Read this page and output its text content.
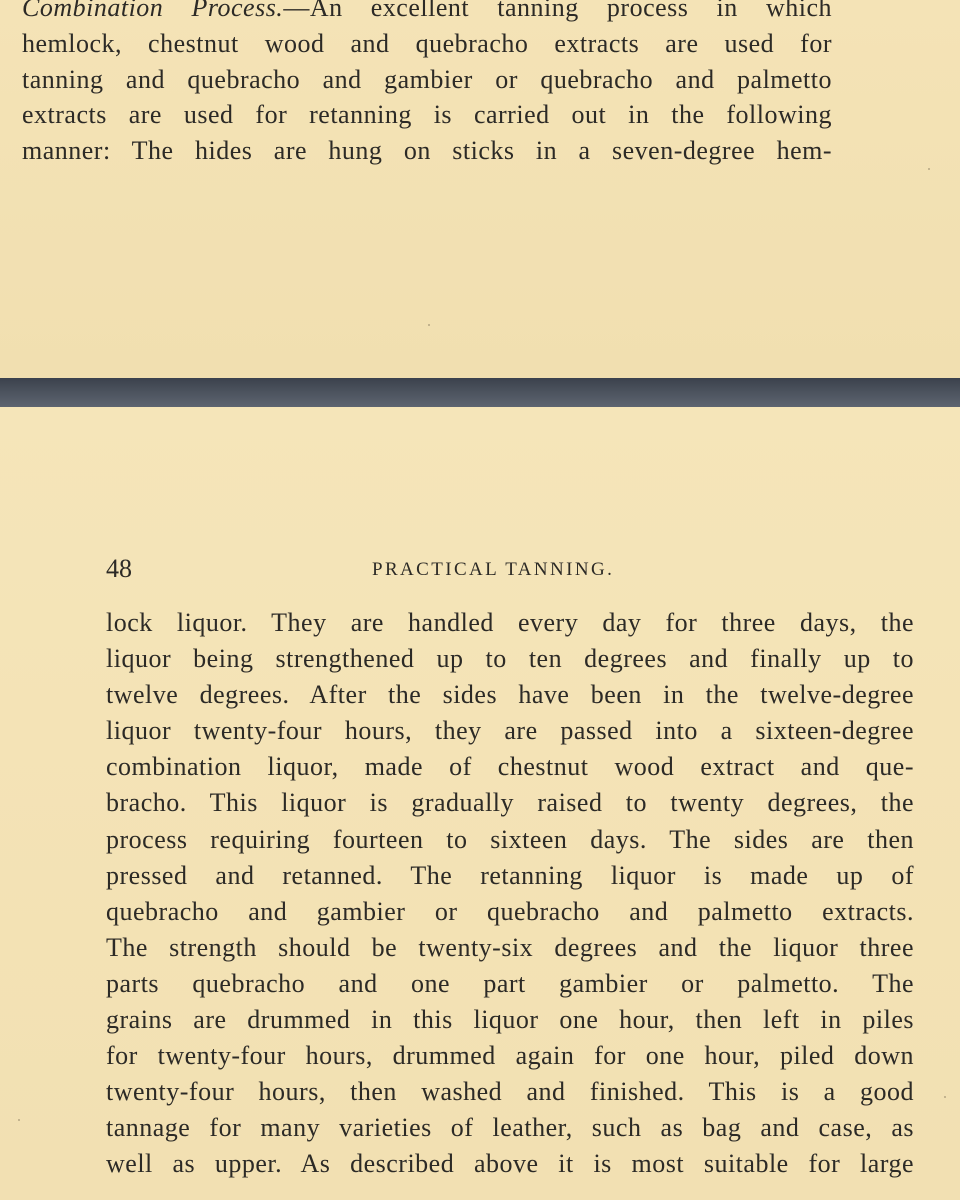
Combination Process.—An excellent tanning process in which
hemlock, chestnut wood and quebracho extracts are used for
tanning and quebracho and gambier or quebracho and palmetto
extracts are used for retanning is carried out in the following
manner: The hides are hung on sticks in a seven-degree hem-
48	PRACTICAL TANNING.
lock liquor. They are handled every day for three days, the
liquor being strengthened up to ten degrees and finally up to
twelve degrees. After the sides have been in the twelve-degree
liquor twenty-four hours, they are passed into a sixteen-degree
combination liquor, made of chestnut wood extract and que-
bracho. This liquor is gradually raised to twenty degrees, the
process requiring fourteen to sixteen days. The sides are then
pressed and retanned. The retanning liquor is made up of
quebracho and gambier or quebracho and palmetto extracts.
The strength should be twenty-six degrees and the liquor three
parts quebracho and one part gambier or palmetto. The
grains are drummed in this liquor one hour, then left in piles
for twenty-four hours, drummed again for one hour, piled down
twenty-four hours, then washed and finished. This is a good
tannage for many varieties of leather, such as bag and case, as
well as upper. As described above it is most suitable for large
